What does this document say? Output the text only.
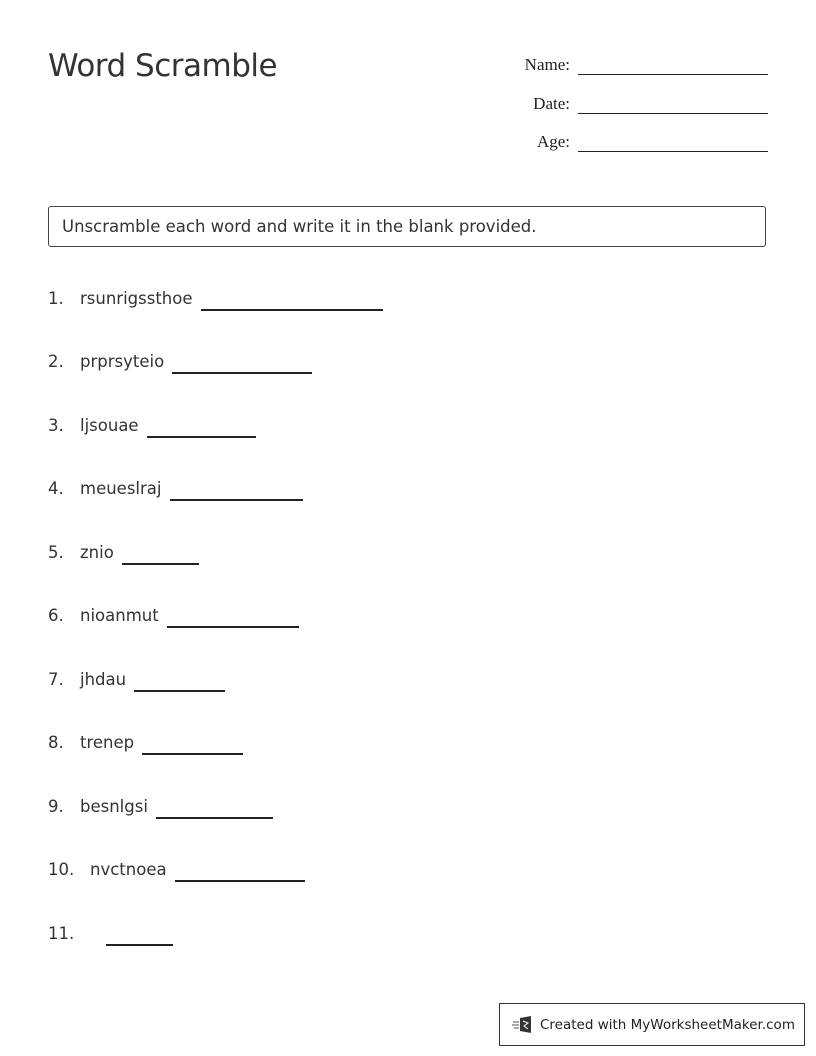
Word Scramble	Name:
Date:
Age:
Unscramble each word and write it in the blank provided.
1. rsunrigssthoe
2. prprsyteio
3. ljsouae
4. meueslraj
5. znio
6. nioanmut
7. jhdau
8. trenep
9. besnlgsi
10. nvctnoea
11.
Created with MyWorksheetMaker.com
